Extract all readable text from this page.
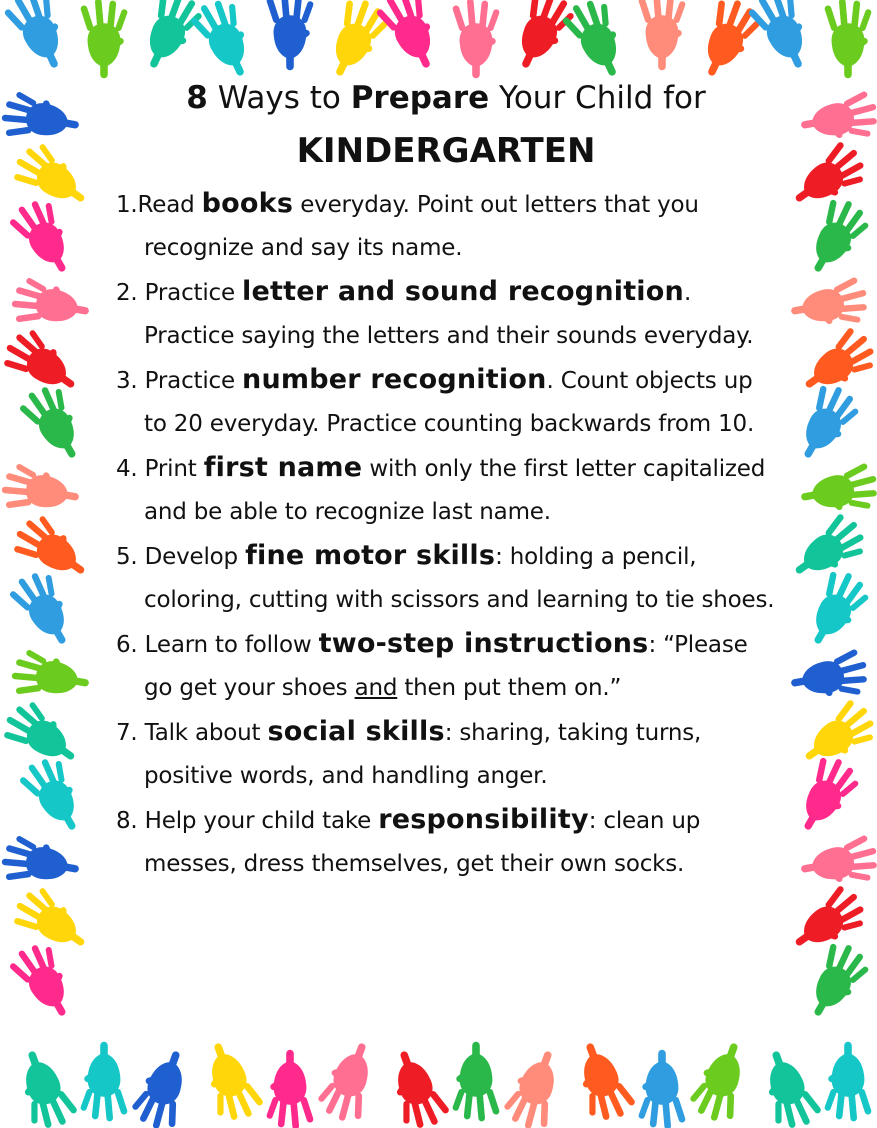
8 Ways to Prepare Your Child for
KINDERGARTEN
1.Read books everyday. Point out letters that you recognize and say its name.
2. Practice letter and sound recognition. Practice saying the letters and their sounds everyday.
3. Practice number recognition. Count objects up to 20 everyday. Practice counting backwards from 10.
4. Print first name with only the first letter capitalized and be able to recognize last name.
5. Develop fine motor skills: holding a pencil, coloring, cutting with scissors and learning to tie shoes.
6. Learn to follow two-step instructions: “Please go get your shoes and then put them on.”
7. Talk about social skills: sharing, taking turns, positive words, and handling anger.
8. Help your child take responsibility: clean up messes, dress themselves, get their own socks.
